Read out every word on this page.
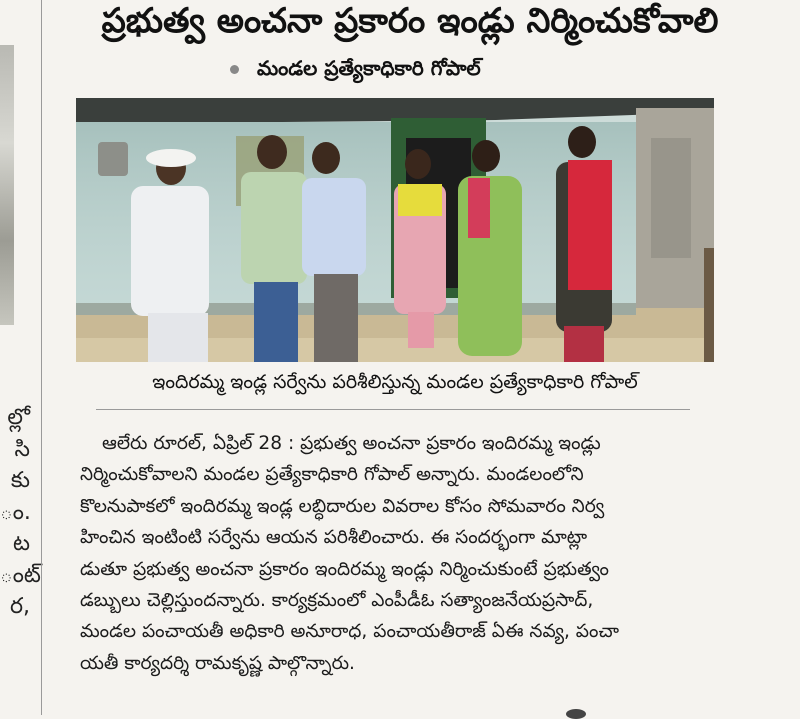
ల్లో
సి
కు
ం.
ట
ంట్
ర,
ప్రభుత్వ అంచనా ప్రకారం ఇండ్లు నిర్మించుకోవాలి
మండల ప్రత్యేకాధికారి గోపాల్
ఇందిరమ్మ ఇండ్ల సర్వేను పరిశీలిస్తున్న మండల ప్రత్యేకాధికారి గోపాల్
ఆలేరు రూరల్, ఏప్రిల్ 28 : ప్రభుత్వ అంచనా ప్రకారం ఇందిరమ్మ ఇండ్లు
నిర్మించుకోవాలని మండల ప్రత్యేకాధికారి గోపాల్ అన్నారు. మండలంలోని
కొలనుపాకలో ఇందిరమ్మ ఇండ్ల లబ్ధిదారుల వివరాల కోసం సోమవారం నిర్వ
హించిన ఇంటింటి సర్వేను ఆయన పరిశీలించారు. ఈ సందర్భంగా మాట్లా
డుతూ ప్రభుత్వ అంచనా ప్రకారం ఇందిరమ్మ ఇండ్లు నిర్మించుకుంటే ప్రభుత్వం
డబ్బులు చెల్లిస్తుందన్నారు. కార్యక్రమంలో ఎంపీడీఓ సత్యాంజనేయప్రసాద్,
మండల పంచాయతీ అధికారి అనూరాధ, పంచాయతీరాజ్ ఏఈ నవ్య, పంచా
యతీ కార్యదర్శి రామకృష్ణ పాల్గొన్నారు.
